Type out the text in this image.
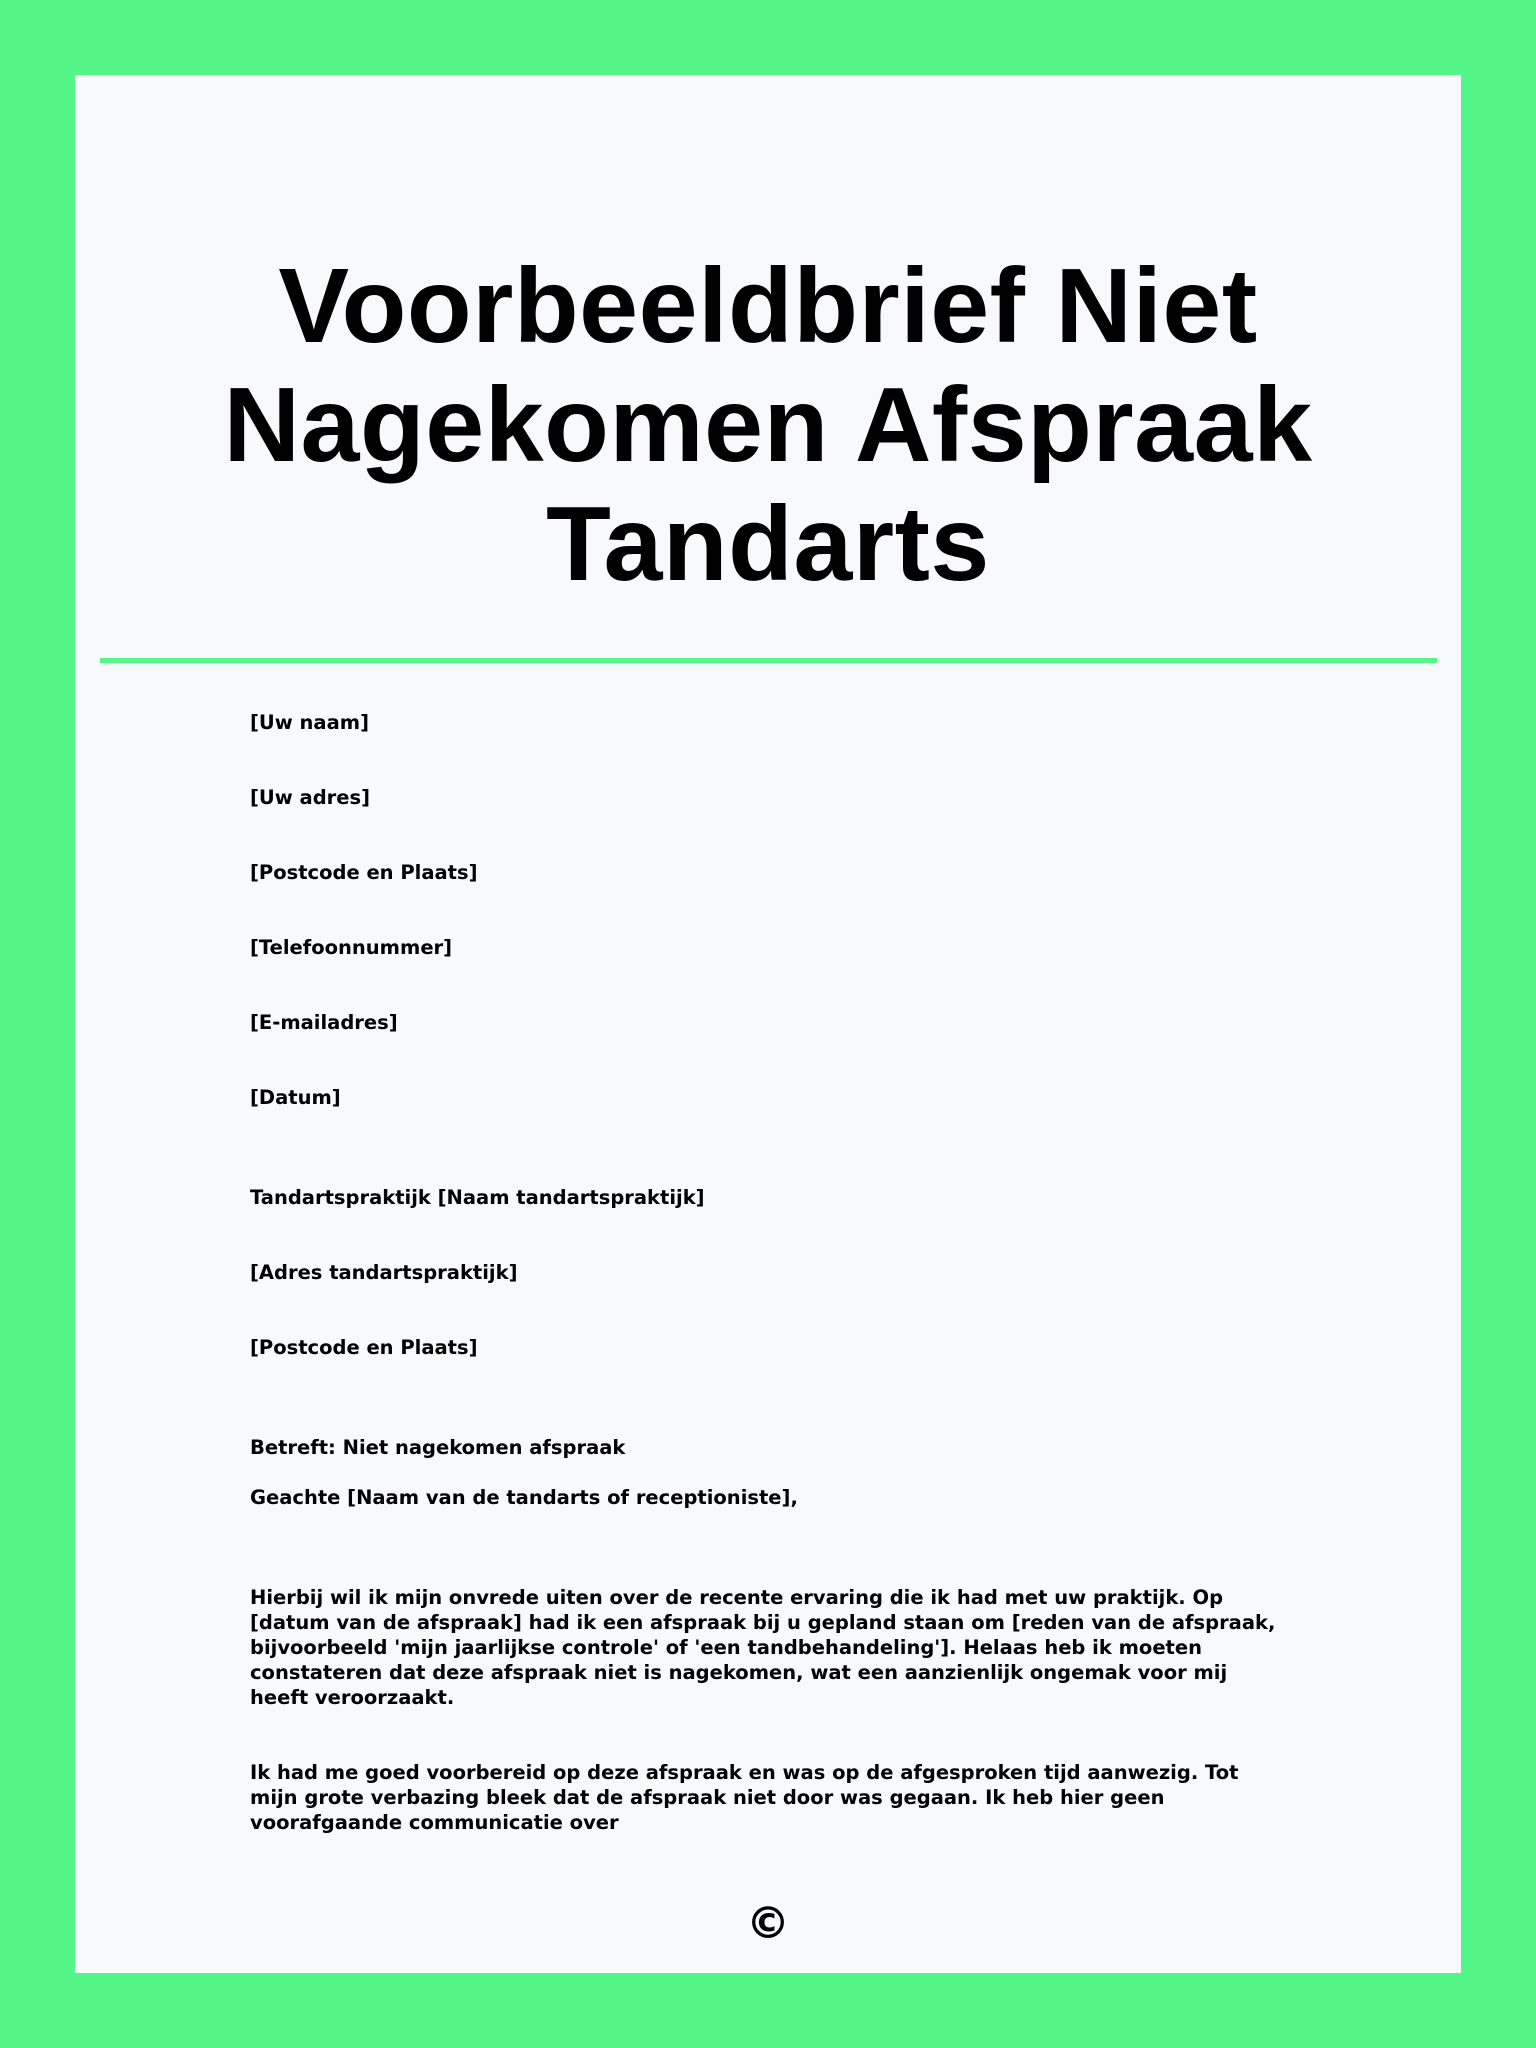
Voorbeeldbrief Niet Nagekomen Afspraak Tandarts

[Uw naam]

[Uw adres]

[Postcode en Plaats]

[Telefoonnummer]

[E-mailadres]

[Datum]

Tandartspraktijk [Naam tandartspraktijk]

[Adres tandartspraktijk]

[Postcode en Plaats]

Betreft: Niet nagekomen afspraak

Geachte [Naam van de tandarts of receptioniste],

Hierbij wil ik mijn onvrede uiten over de recente ervaring die ik had met uw praktijk. Op [datum van de afspraak] had ik een afspraak bij u gepland staan om [reden van de afspraak, bijvoorbeeld 'mijn jaarlijkse controle' of 'een tandbehandeling']. Helaas heb ik moeten constateren dat deze afspraak niet is nagekomen, wat een aanzienlijk ongemak voor mij heeft veroorzaakt.

Ik had me goed voorbereid op deze afspraak en was op de afgesproken tijd aanwezig. Tot mijn grote verbazing bleek dat de afspraak niet door was gegaan. Ik heb hier geen voorafgaande communicatie over

©
